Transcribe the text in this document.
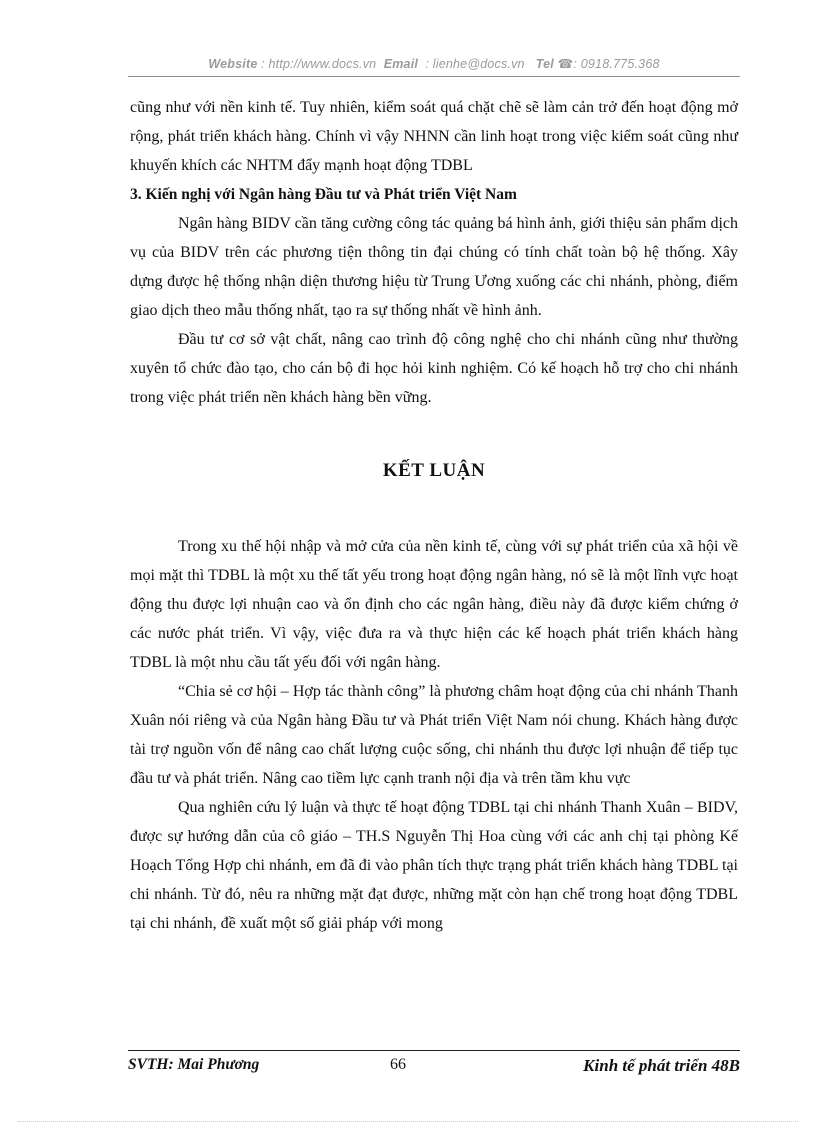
Website : http://www.docs.vn Email : lienhe@docs.vn Tel ☎: 0918.775.368

cũng như với nền kinh tế. Tuy nhiên, kiểm soát quá chặt chẽ sẽ làm cản trở đến hoạt động mở rộng, phát triển khách hàng. Chính vì vậy NHNN cần linh hoạt trong việc kiểm soát cũng như khuyến khích các NHTM đẩy mạnh hoạt động TDBL

3. Kiến nghị với Ngân hàng Đầu tư và Phát triển Việt Nam

Ngân hàng BIDV cần tăng cường công tác quảng bá hình ảnh, giới thiệu sản phẩm dịch vụ của BIDV trên các phương tiện thông tin đại chúng có tính chất toàn bộ hệ thống. Xây dựng được hệ thống nhận diện thương hiệu từ Trung Ương xuống các chi nhánh, phòng, điểm giao dịch theo mẫu thống nhất, tạo ra sự thống nhất về hình ảnh.

Đầu tư cơ sở vật chất, nâng cao trình độ công nghệ cho chi nhánh cũng như thường xuyên tổ chức đào tạo, cho cán bộ đi học hỏi kinh nghiệm. Có kế hoạch hỗ trợ cho chi nhánh trong việc phát triển nền khách hàng bền vững.

KẾT LUẬN

Trong xu thế hội nhập và mở cửa của nền kinh tế, cùng với sự phát triển của xã hội về mọi mặt thì TDBL là một xu thế tất yếu trong hoạt động ngân hàng, nó sẽ là một lĩnh vực hoạt động thu được lợi nhuận cao và ổn định cho các ngân hàng, điều này đã được kiểm chứng ở các nước phát triển. Vì vậy, việc đưa ra và thực hiện các kế hoạch phát triển khách hàng TDBL là một nhu cầu tất yếu đối với ngân hàng.

“Chia sẻ cơ hội – Hợp tác thành công” là phương châm hoạt động của chi nhánh Thanh Xuân nói riêng và của Ngân hàng Đầu tư và Phát triển Việt Nam nói chung. Khách hàng được tài trợ nguồn vốn để nâng cao chất lượng cuộc sống, chi nhánh thu được lợi nhuận để tiếp tục đầu tư và phát triển. Nâng cao tiềm lực cạnh tranh nội địa và trên tầm khu vực

Qua nghiên cứu lý luận và thực tế hoạt động TDBL tại chi nhánh Thanh Xuân – BIDV, được sự hướng dẫn của cô giáo – TH.S Nguyễn Thị Hoa cùng với các anh chị tại phòng Kế Hoạch Tổng Hợp chi nhánh, em đã đi vào phân tích thực trạng phát triển khách hàng TDBL tại chi nhánh. Từ đó, nêu ra những mặt đạt được, những mặt còn hạn chế trong hoạt động TDBL tại chi nhánh, đề xuất một số giải pháp với mong

SVTH: Mai Phương	66	Kinh tế phát triển 48B
